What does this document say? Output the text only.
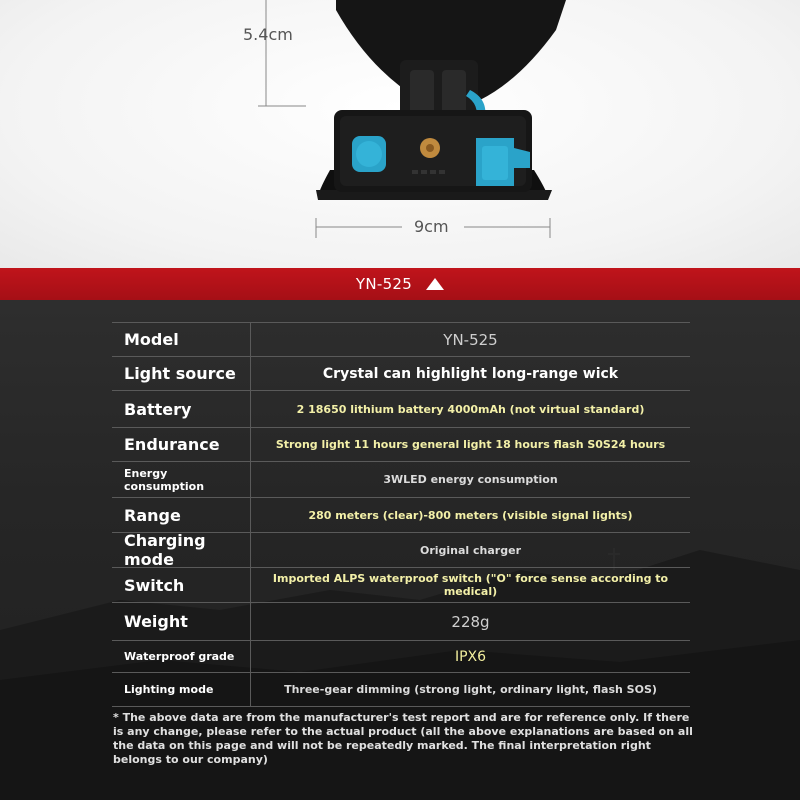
5.4cm
9cm
YN-525
Model	YN-525
Light source	Crystal can highlight long-range wick
Battery	2 18650 lithium battery 4000mAh (not virtual standard)
Endurance	Strong light 11 hours general light 18 hours flash S0S24 hours
Energy consumption	3WLED energy consumption
Range	280 meters (clear)-800 meters (visible signal lights)
Charging mode	Original charger
Switch	Imported ALPS waterproof switch ("O" force sense according to medical)
Weight	228g
Waterproof grade	IPX6
Lighting mode	Three-gear dimming (strong light, ordinary light, flash SOS)
* The above data are from the manufacturer's test report and are for reference only. If there is any change, please refer to the actual product (all the above explanations are based on all the data on this page and will not be repeatedly marked. The final interpretation right belongs to our company)
